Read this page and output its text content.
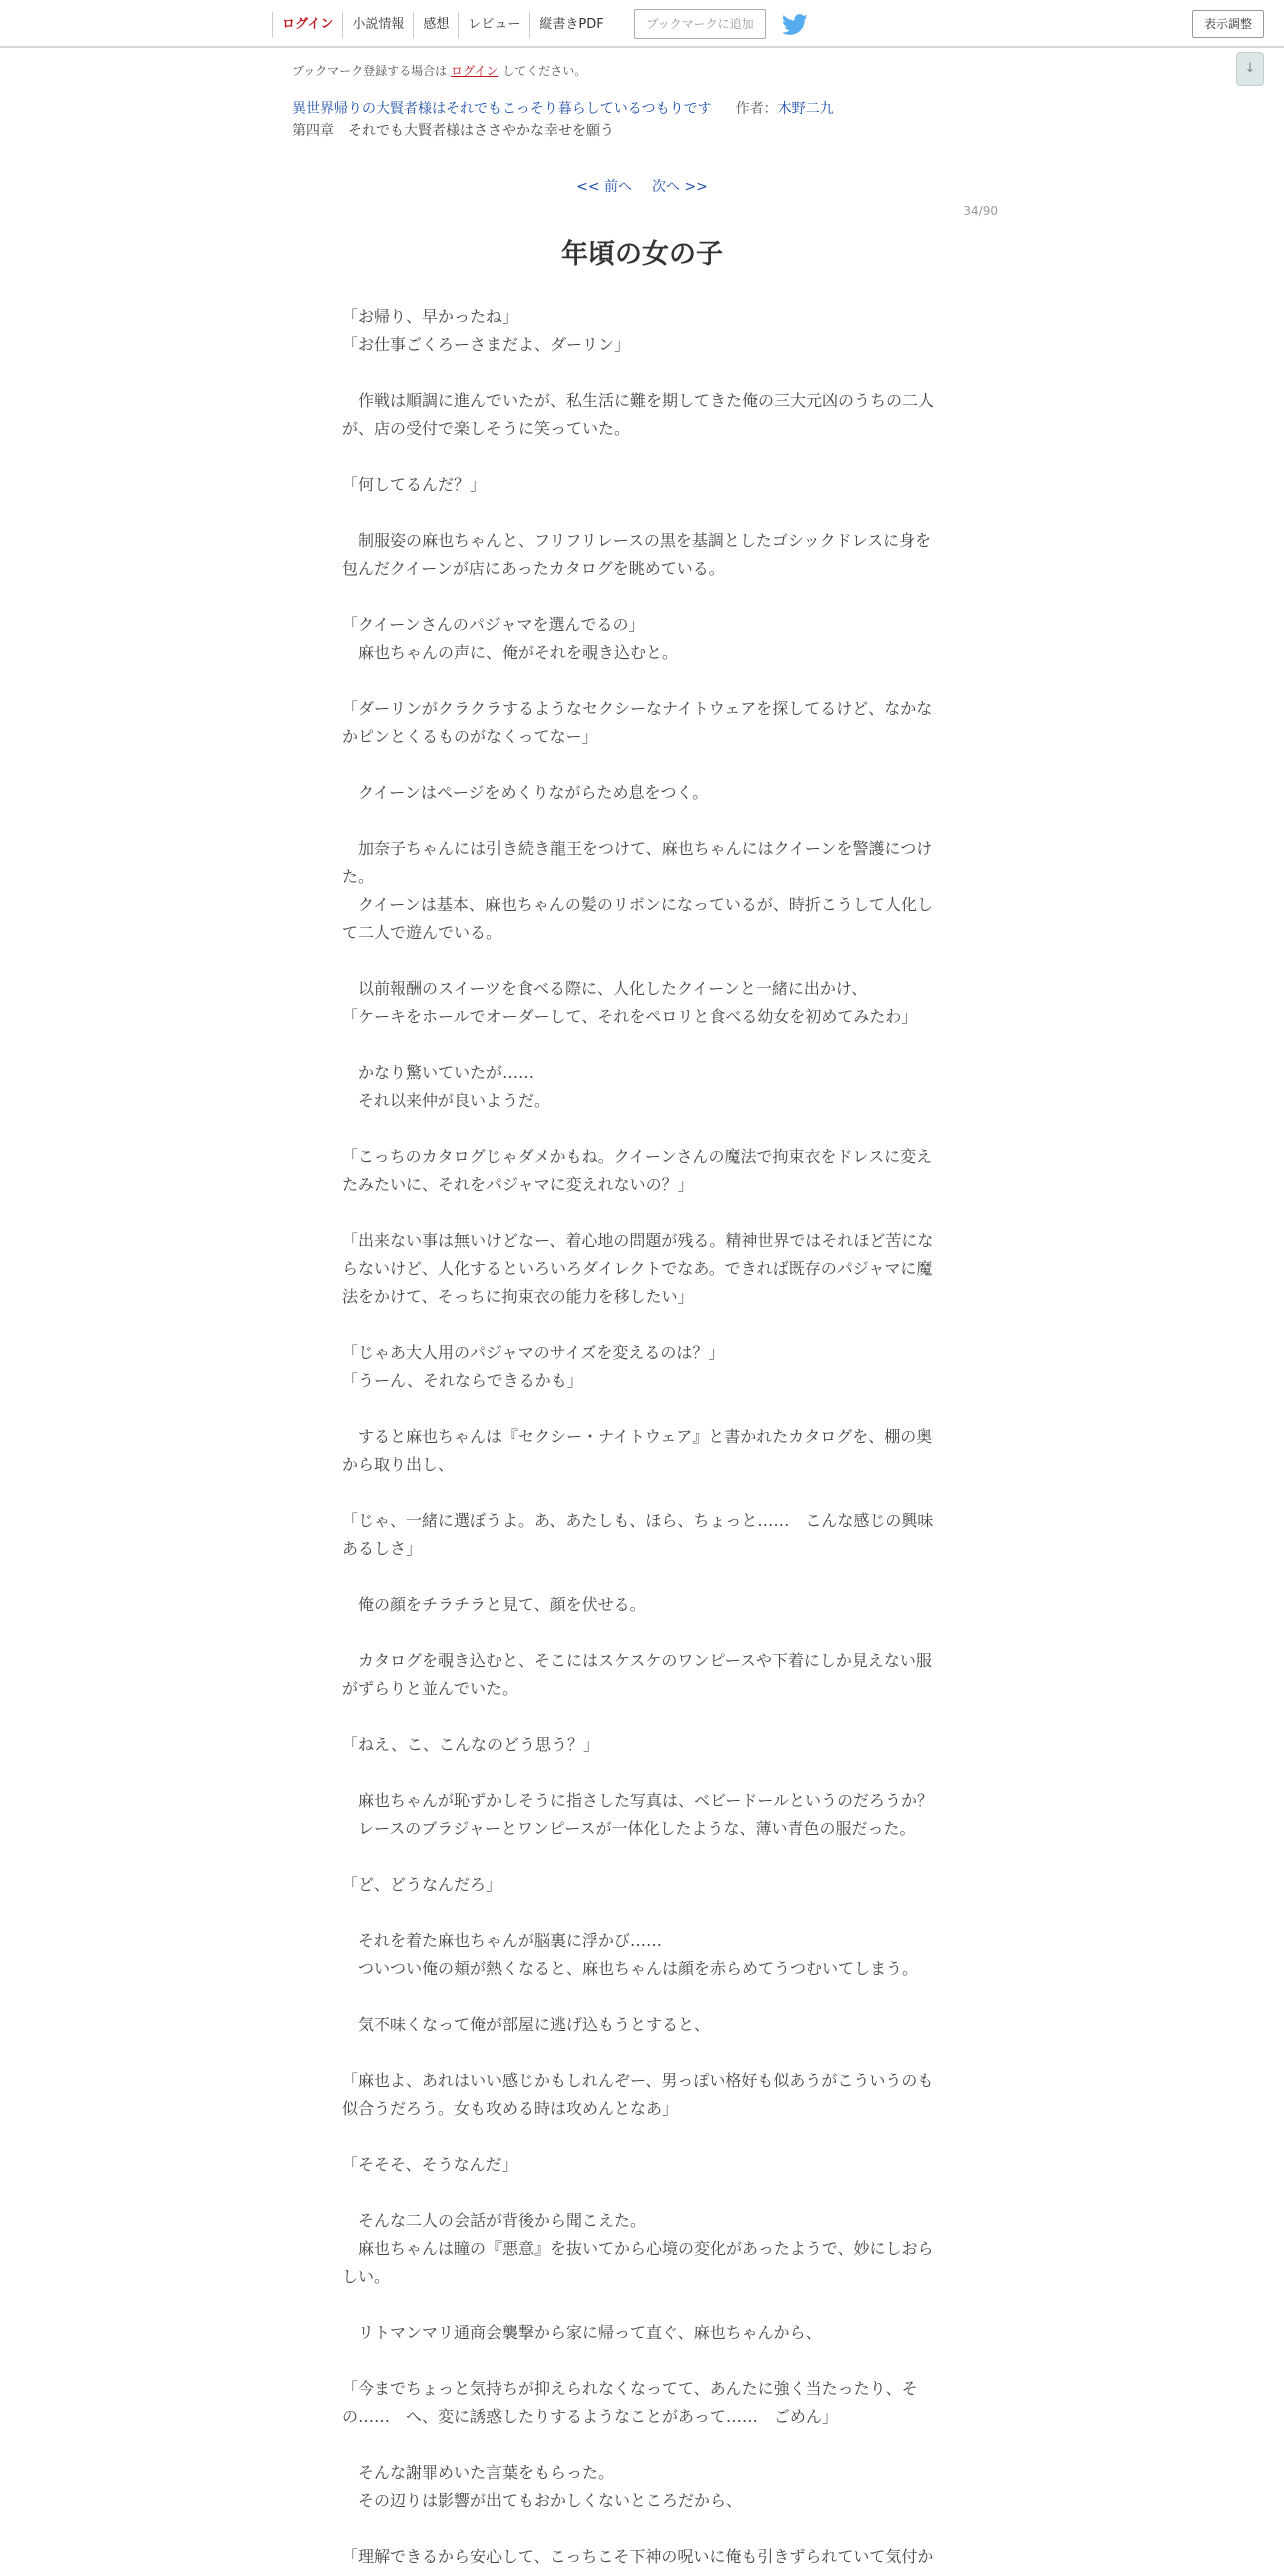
ログイン	小説情報	感想	レビュー	縦書きPDF	ブックマークに追加	表示調整
↓
ブックマーク登録する場合は ログイン してください。
異世界帰りの大賢者様はそれでもこっそり暮らしているつもりです 作者：木野二九
第四章　それでも大賢者様はささやかな幸せを願う
<< 前へ 次へ >>
34/90
年頃の女の子

「お帰り、早かったね」

「お仕事ごくろーさまだよ、ダーリン」

　作戦は順調に進んでいたが、私生活に難を期してきた俺の三大元凶のうちの二人

が、店の受付で楽しそうに笑っていた。

「何してるんだ？」

　制服姿の麻也ちゃんと、フリフリレースの黒を基調としたゴシックドレスに身を

包んだクイーンが店にあったカタログを眺めている。

「クイーンさんのパジャマを選んでるの」

　麻也ちゃんの声に、俺がそれを覗き込むと。

「ダーリンがクラクラするようなセクシーなナイトウェアを探してるけど、なかな

かピンとくるものがなくってなー」

　クイーンはページをめくりながらため息をつく。

　加奈子ちゃんには引き続き龍王をつけて、麻也ちゃんにはクイーンを警護につけ

た。

　クイーンは基本、麻也ちゃんの髪のリボンになっているが、時折こうして人化し

て二人で遊んでいる。

　以前報酬のスイーツを食べる際に、人化したクイーンと一緒に出かけ、

「ケーキをホールでオーダーして、それをペロリと食べる幼女を初めてみたわ」

　かなり驚いていたが……

　それ以来仲が良いようだ。

「こっちのカタログじゃダメかもね。クイーンさんの魔法で拘束衣をドレスに変え

たみたいに、それをパジャマに変えれないの？」

「出来ない事は無いけどなー、着心地の問題が残る。精神世界ではそれほど苦にな

らないけど、人化するといろいろダイレクトでなあ。できれば既存のパジャマに魔

法をかけて、そっちに拘束衣の能力を移したい」

「じゃあ大人用のパジャマのサイズを変えるのは？」

「うーん、それならできるかも」

　すると麻也ちゃんは『セクシー・ナイトウェア』と書かれたカタログを、棚の奥

から取り出し、

「じゃ、一緒に選ぼうよ。あ、あたしも、ほら、ちょっと……　こんな感じの興味

あるしさ」

　俺の顔をチラチラと見て、顔を伏せる。

　カタログを覗き込むと、そこにはスケスケのワンピースや下着にしか見えない服

がずらりと並んでいた。

「ねえ、こ、こんなのどう思う？」

　麻也ちゃんが恥ずかしそうに指さした写真は、ベビードールというのだろうか？

　レースのブラジャーとワンピースが一体化したような、薄い青色の服だった。

「ど、どうなんだろ」

　それを着た麻也ちゃんが脳裏に浮かび……

　ついつい俺の頬が熱くなると、麻也ちゃんは顔を赤らめてうつむいてしまう。

　気不味くなって俺が部屋に逃げ込もうとすると、

「麻也よ、あれはいい感じかもしれんぞー、男っぽい格好も似あうがこういうのも

似合うだろう。女も攻める時は攻めんとなあ」

「そそそ、そうなんだ」

　そんな二人の会話が背後から聞こえた。

　麻也ちゃんは瞳の『悪意』を抜いてから心境の変化があったようで、妙にしおら

しい。

　リトマンマリ通商会襲撃から家に帰って直ぐ、麻也ちゃんから、

「今までちょっと気持ちが抑えられなくなってて、あんたに強く当たったり、そ

の……　へ、変に誘惑したりするようなことがあって……　ごめん」

　そんな謝罪めいた言葉をもらった。

　その辺りは影響が出てもおかしくないところだから、

「理解できるから安心して、こっちこそ下神の呪いに俺も引きずられていて気付か
